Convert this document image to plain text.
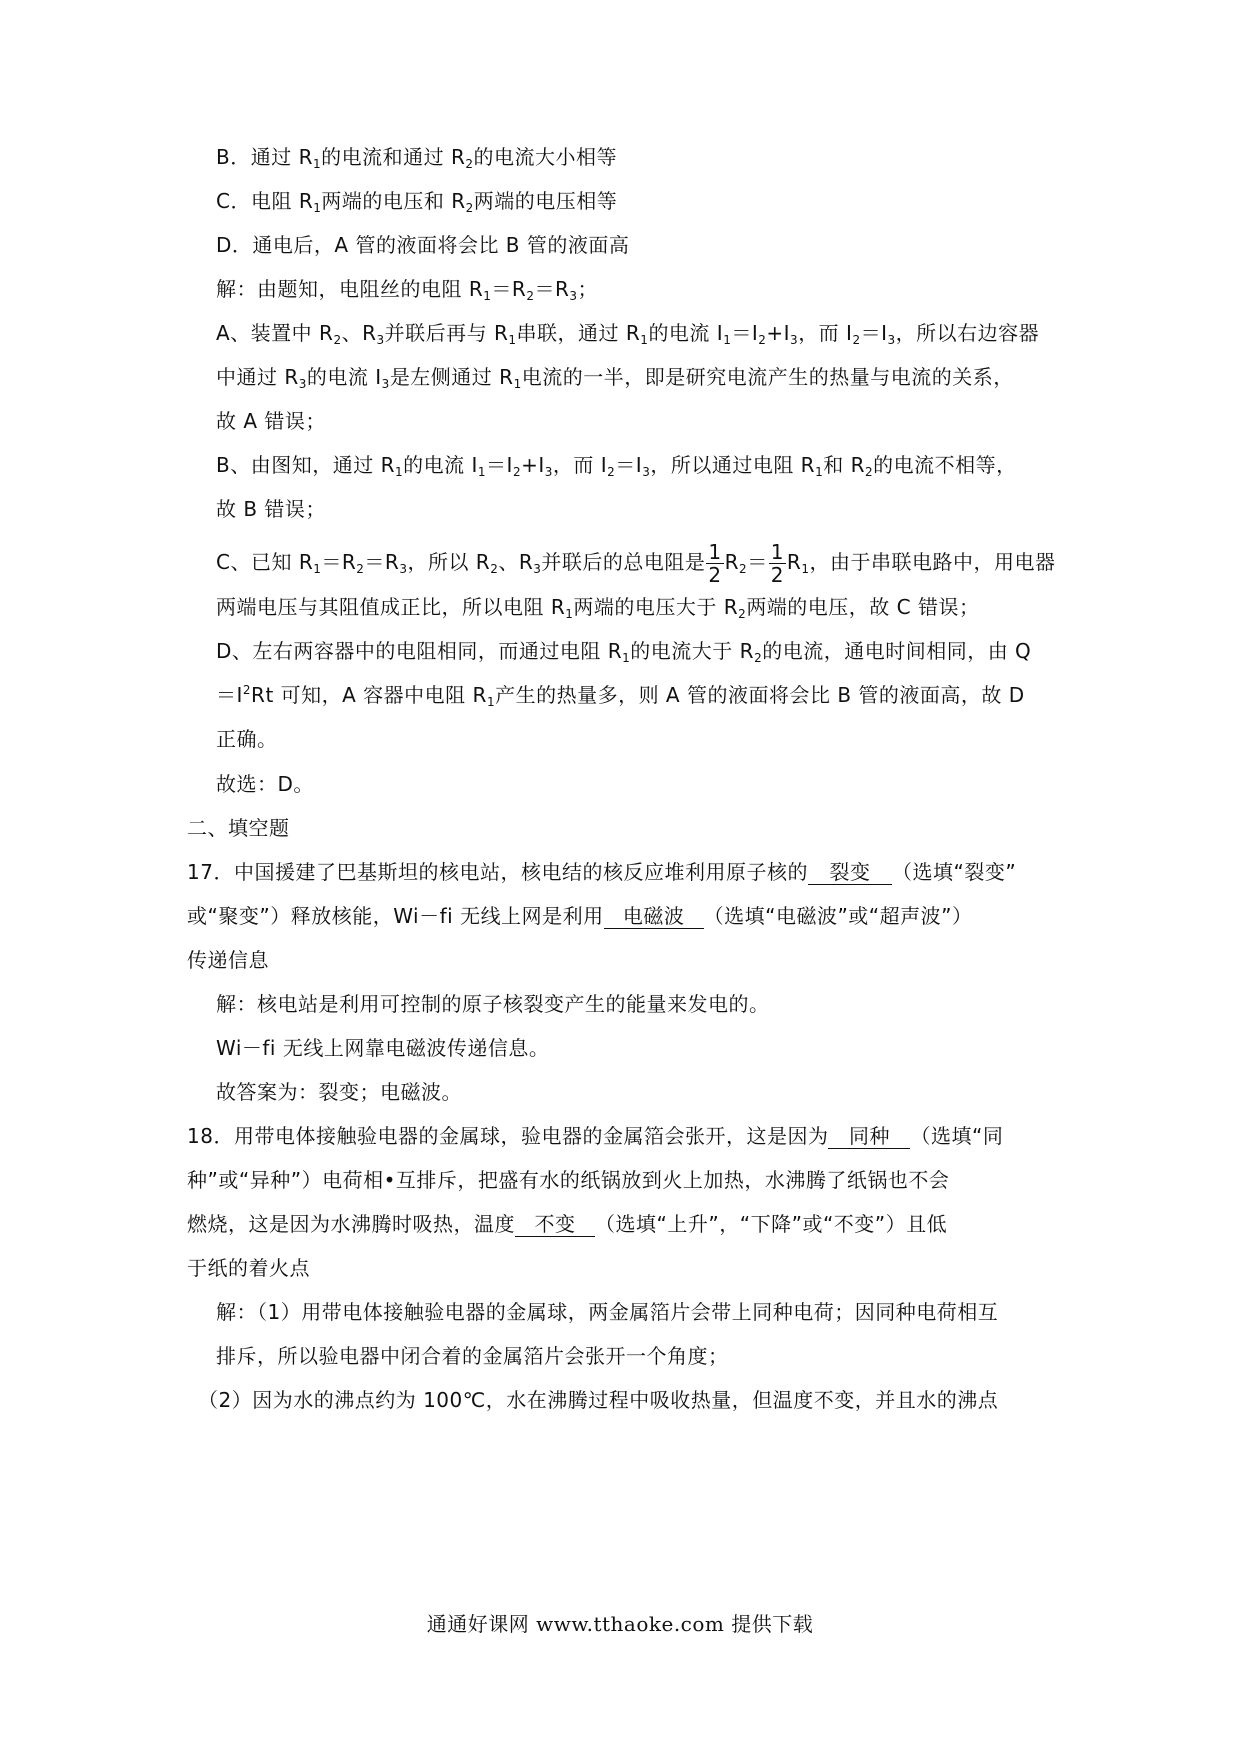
B．通过 $R_1$的电流和通过 $R_2$的电流大小相等
C．电阻 $R_1$两端的电压和 $R_2$两端的电压相等
D．通电后，A 管的液面将会比 B 管的液面高
解：由题知，电阻丝的电阻 $R_1=R_2=R_3$；
A、装置中 $R_2$、$R_3$并联后再与 $R_1$串联，通过 $R_1$的电流 $I_1=I_2+I_3$，而 $I_2=I_3$，所以右边容器
中通过 $R_3$的电流 $I_3$是左侧通过 $R_1$电流的一半，即是研究电流产生的热量与电流的关系，
故 A 错误；
B、由图知，通过 $R_1$的电流 $I_1=I_2+I_3$，而 $I_2=I_3$，所以通过电阻 $R_1$和 $R_2$的电流不相等，
故 B 错误；
C、已知 $R_1=R_2=R_3$，所以 $R_2$、$R_3$并联后的总电阻是 $\frac{1}{2} R_2= \frac{1}{2} R_1$，由于串联电路中，用电器
两端电压与其阻值成正比，所以电阻 $R_1$两端的电压大于 $R_2$两端的电压，故 C 错误；
D、左右两容器中的电阻相同，而通过电阻 $R_1$的电流大于 $R_2$的电流，通电时间相同，由 Q
$=I^2Rt$ 可知，A 容器中电阻 $R_1$产生的热量多，则 A 管的液面将会比 B 管的液面高，故 D
正确。
故选：D。
二、填空题
17．中国援建了巴基斯坦的核电站，核电结的核反应堆利用原子核的 裂变 （选填“裂变”
或“聚变”）释放核能，Wi－fi 无线上网是利用 电磁波 （选填“电磁波”或“超声波”）
传递信息
解：核电站是利用可控制的原子核裂变产生的能量来发电的。
Wi－fi 无线上网靠电磁波传递信息。
故答案为：裂变；电磁波。
18．用带电体接触验电器的金属球，验电器的金属箔会张开，这是因为 同种 （选填“同
种”或“异种”）电荷相•互排斥，把盛有水的纸锅放到火上加热，水沸腾了纸锅也不会
燃烧，这是因为水沸腾时吸热，温度 不变 （选填“上升”，“下降”或“不变”）且低
于纸的着火点
解：（1）用带电体接触验电器的金属球，两金属箔片会带上同种电荷；因同种电荷相互
排斥，所以验电器中闭合着的金属箔片会张开一个角度；
（2）因为水的沸点约为 100℃，水在沸腾过程中吸收热量，但温度不变，并且水的沸点
通通好课网 www.tthaoke.com 提供下载
